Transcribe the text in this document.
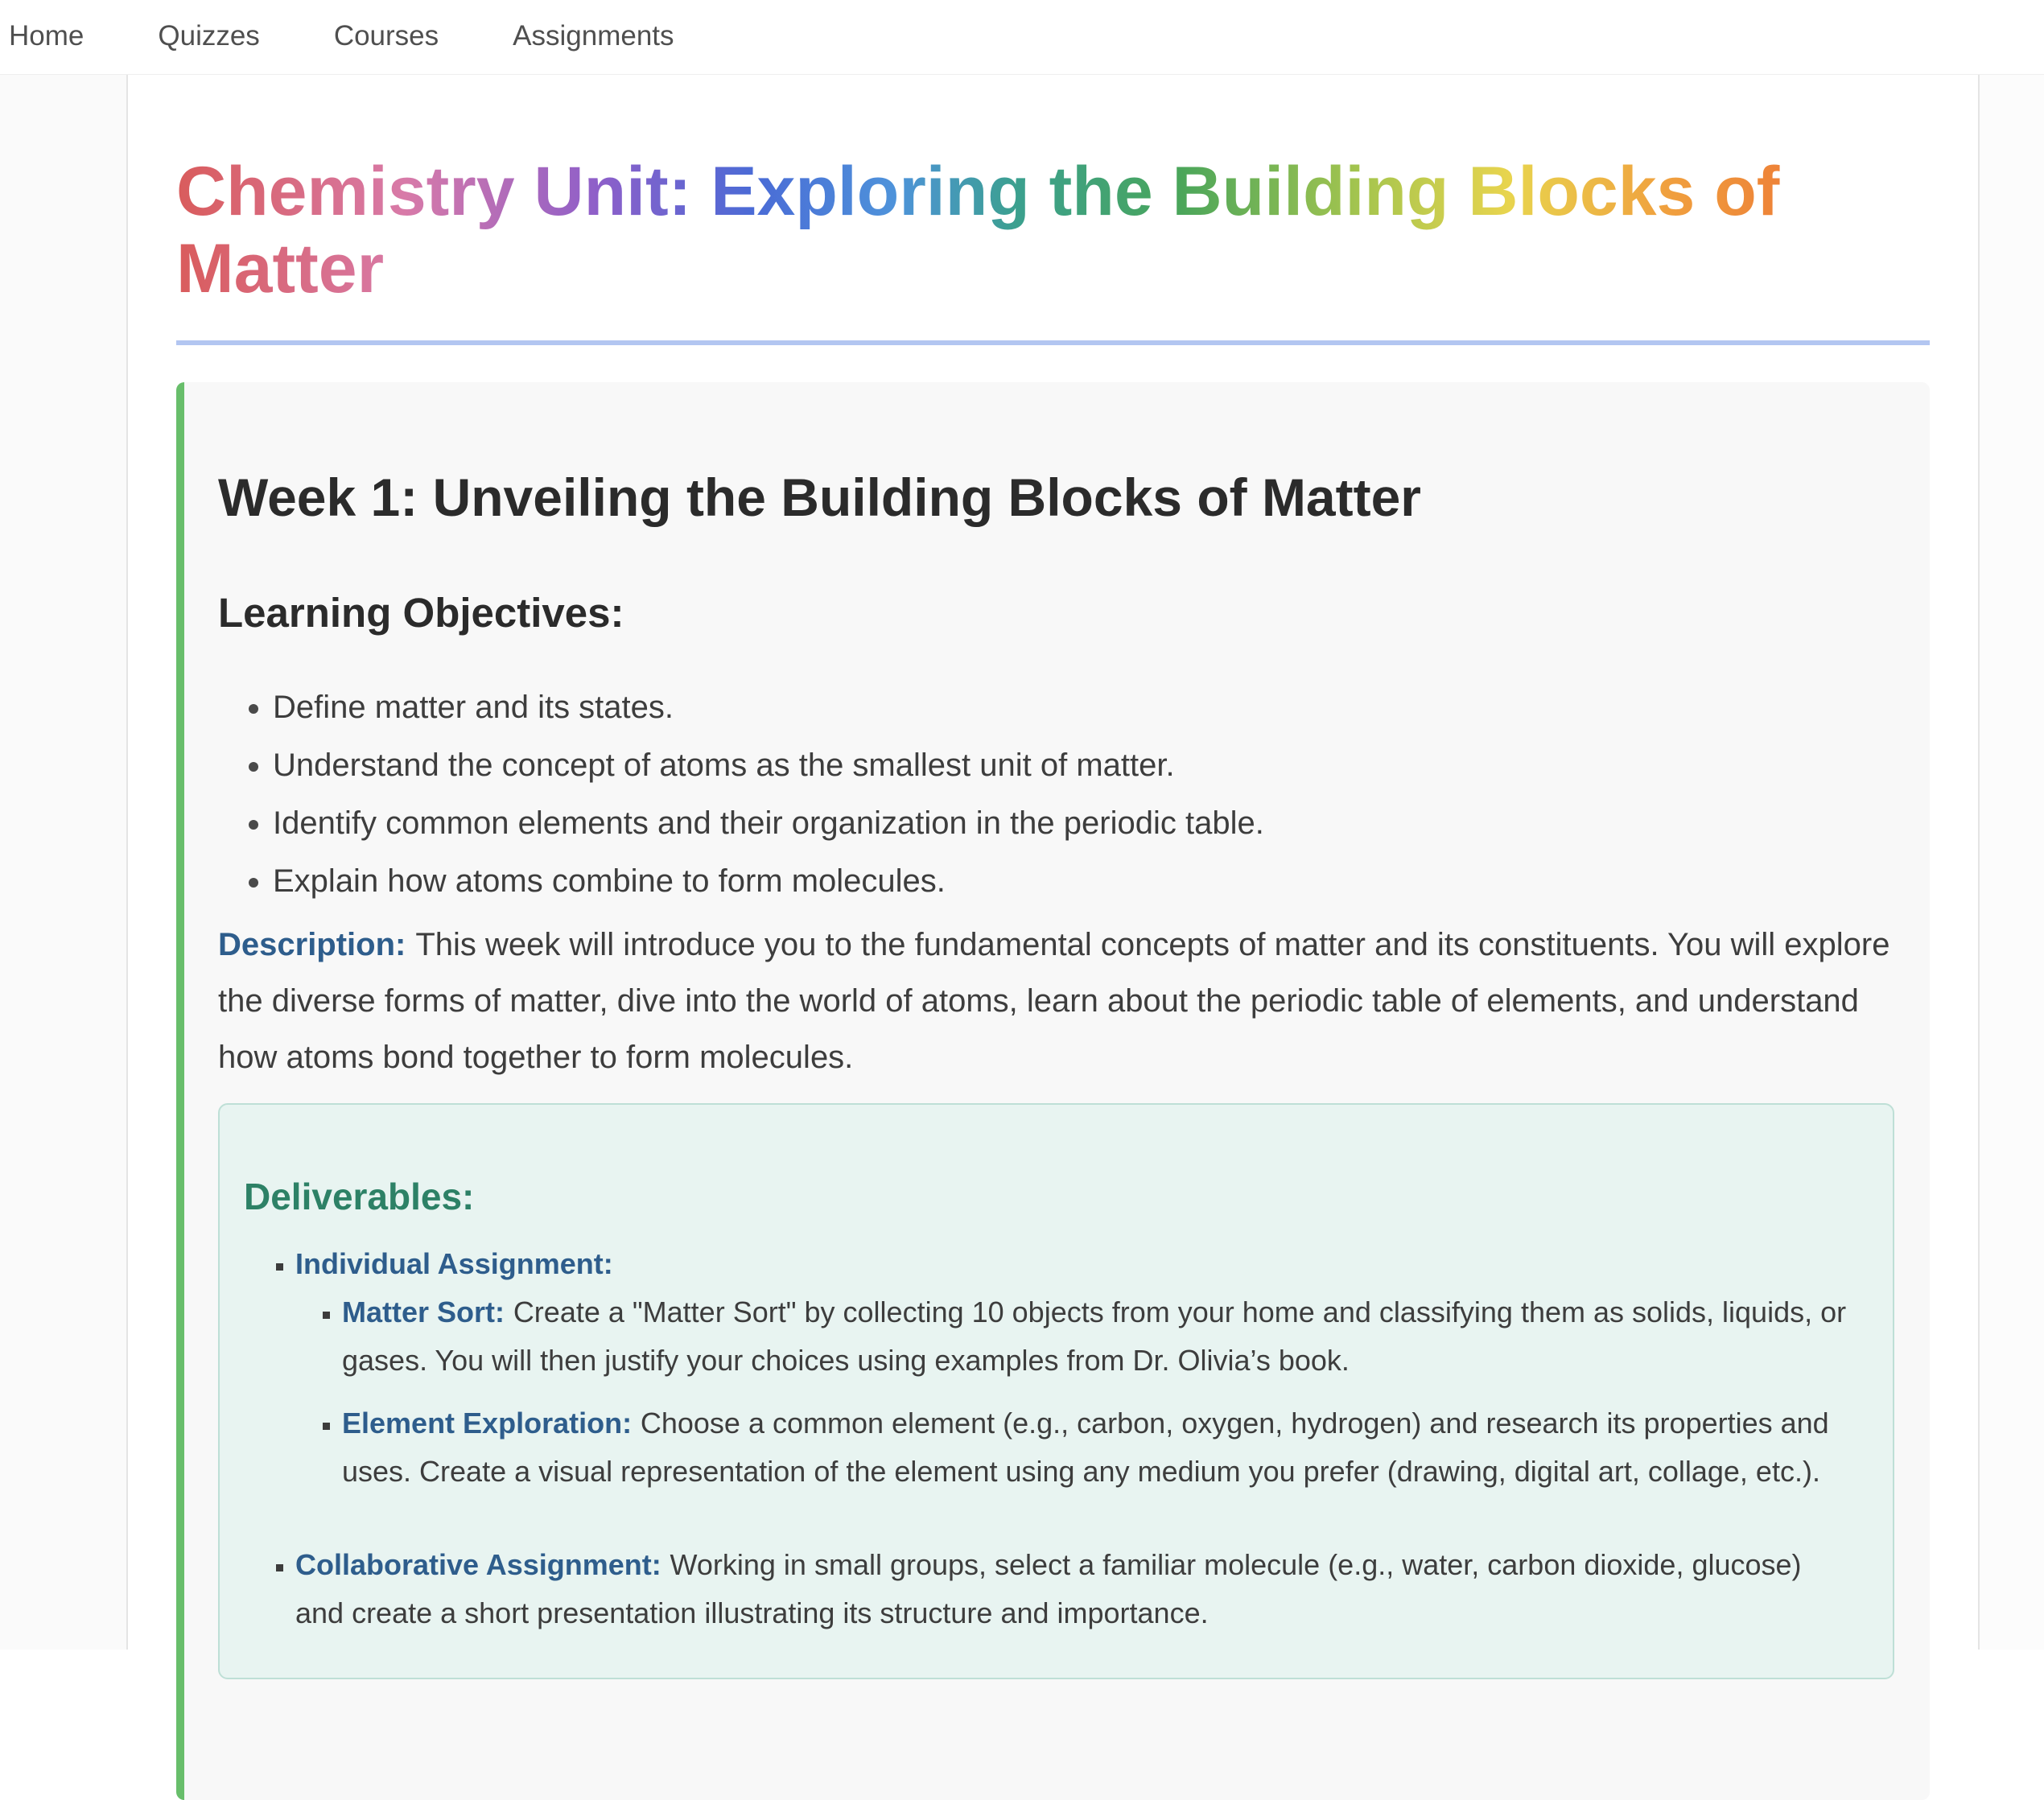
Home	Quizzes	Courses	Assignments
Chemistry Unit: Exploring the Building Blocks of Matter
Week 1: Unveiling the Building Blocks of Matter
Learning Objectives:
• Define matter and its states.
• Understand the concept of atoms as the smallest unit of matter.
• Identify common elements and their organization in the periodic table.
• Explain how atoms combine to form molecules.

Description: This week will introduce you to the fundamental concepts of matter and its constituents. You will explore the diverse forms of matter, dive into the world of atoms, learn about the periodic table of elements, and understand how atoms bond together to form molecules.

Deliverables:
▪ Individual Assignment:
▪ Matter Sort: Create a "Matter Sort" by collecting 10 objects from your home and classifying them as solids, liquids, or gases. You will then justify your choices using examples from Dr. Olivia’s book.
▪ Element Exploration: Choose a common element (e.g., carbon, oxygen, hydrogen) and research its properties and uses. Create a visual representation of the element using any medium you prefer (drawing, digital art, collage, etc.).
▪ Collaborative Assignment: Working in small groups, select a familiar molecule (e.g., water, carbon dioxide, glucose) and create a short presentation illustrating its structure and importance.
